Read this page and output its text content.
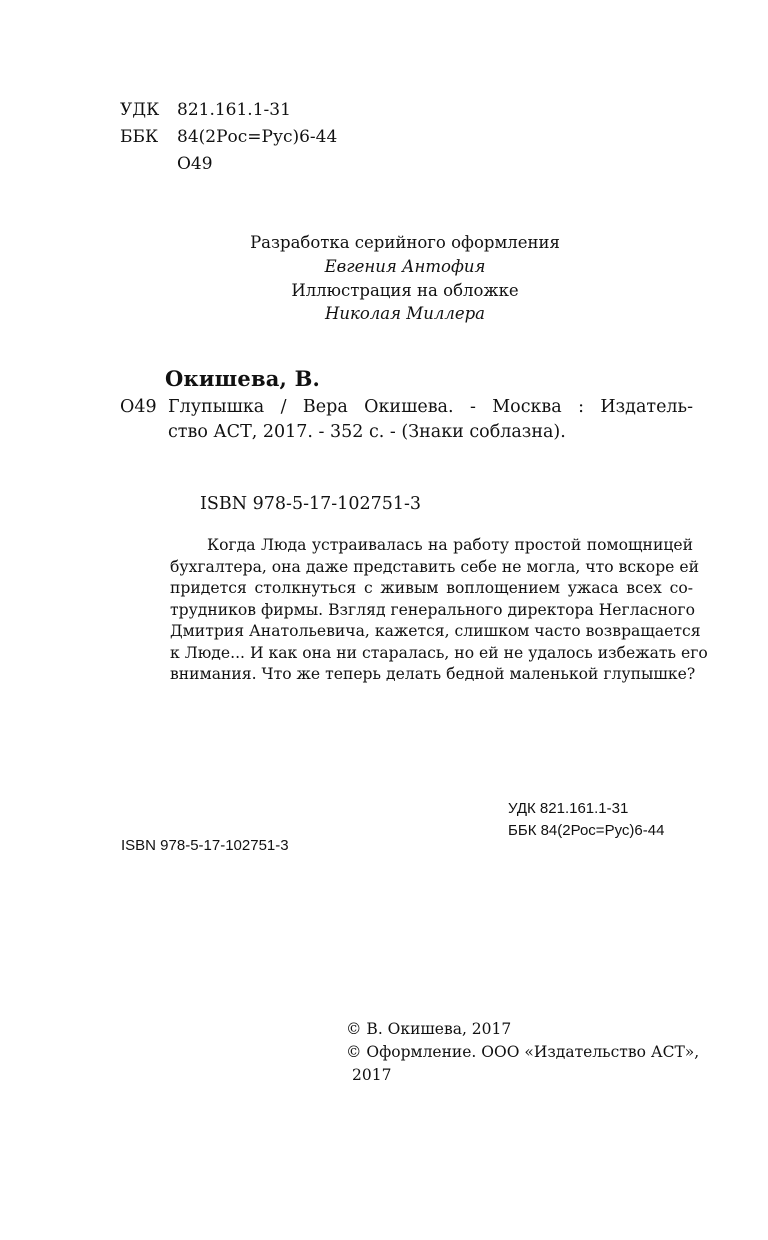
УДК	821.161.1-31
ББК	84(2Рос=Рус)6-44
О49
Разработка серийного оформления
Евгения Антофия
Иллюстрация на обложке
Николая Миллера
Окишева, В.
О49 Глупышка / Вера Окишева. - Москва : Издатель-
ство АСТ, 2017. - 352 с. - (Знаки соблазна).
ISBN 978-5-17-102751-3
Когда Люда устраивалась на работу простой помощницей
бухгалтера, она даже представить себе не могла, что вскоре ей
придется столкнуться с живым воплощением ужаса всех со-
трудников фирмы. Взгляд генерального директора Негласного
Дмитрия Анатольевича, кажется, слишком часто возвращается
к Люде... И как она ни старалась, но ей не удалось избежать его
внимания. Что же теперь делать бедной маленькой глупышке?
УДК 821.161.1-31
ББК 84(2Рос=Рус)6-44
ISBN 978-5-17-102751-3
© В. Окишева, 2017
© Оформление. ООО «Издательство АСТ»,
2017
